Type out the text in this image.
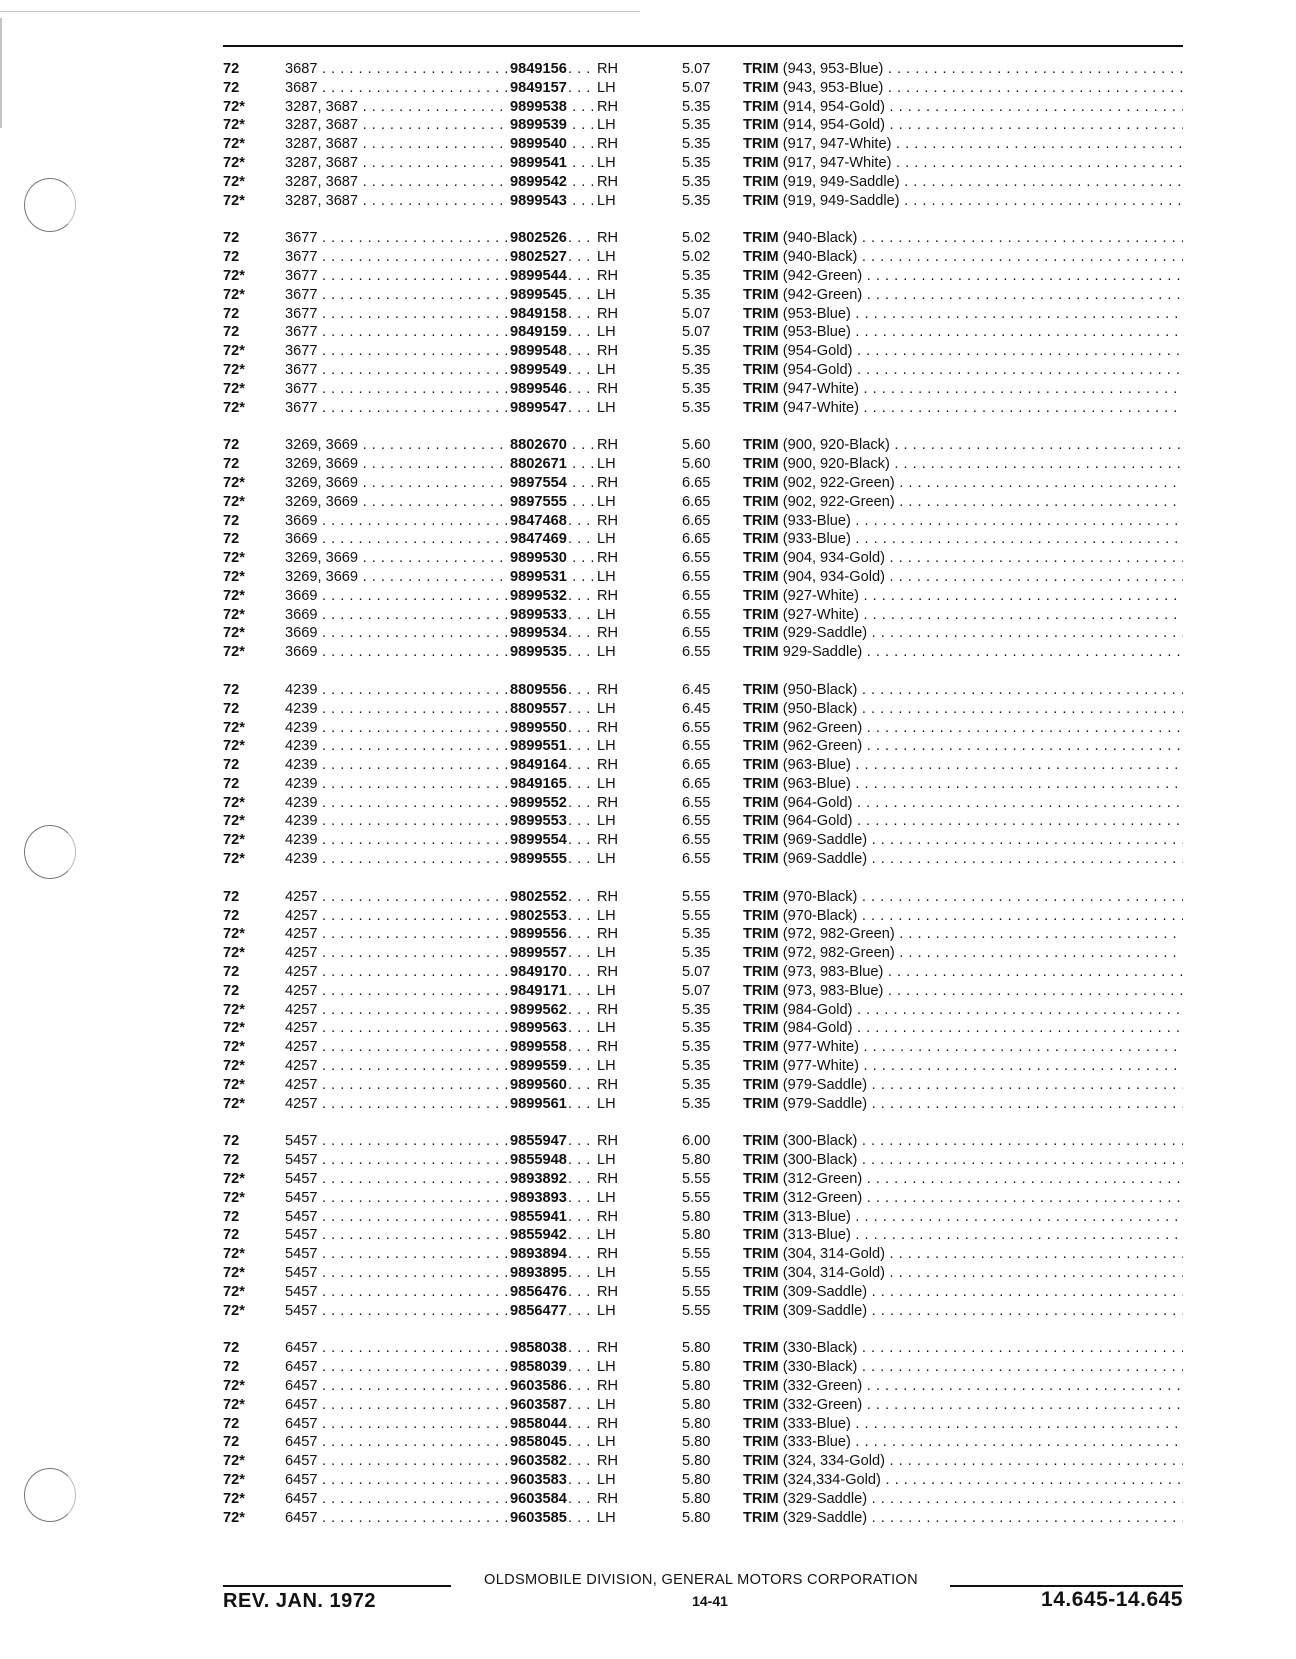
72	3687 . . .	9849156 RH	5.07 TRIM (943, 953-Blue) . . .
72	3687 . . .	9849157 LH	5.07 TRIM (943, 953-Blue) . . .
72*	3287, 3687 . . .	9899538 RH	5.35 TRIM (914, 954-Gold) . . .
72*	3287, 3687 . . .	9899539 LH	5.35 TRIM (914, 954-Gold) . . .
72*	3287, 3687 . . .	9899540 RH	5.35 TRIM (917, 947-White) . . .
72*	3287, 3687 . . .	9899541 LH	5.35 TRIM (917, 947-White) . . .
72*	3287, 3687 . . .	9899542 RH	5.35 TRIM (919, 949-Saddle) . . .
72*	3287, 3687 . . .	9899543 LH	5.35 TRIM (919, 949-Saddle) . . .
72	3677 . . .	9802526 RH	5.02 TRIM (940-Black) . . .
72	3677 . . .	9802527 LH	5.02 TRIM (940-Black) . . .
72*	3677 . . .	9899544 RH	5.35 TRIM (942-Green) . . .
72*	3677 . . .	9899545 LH	5.35 TRIM (942-Green) . . .
72	3677 . . .	9849158 RH	5.07 TRIM (953-Blue) . . .
72	3677 . . .	9849159 LH	5.07 TRIM (953-Blue) . . .
72*	3677 . . .	9899548 RH	5.35 TRIM (954-Gold) . . .
72*	3677 . . .	9899549 LH	5.35 TRIM (954-Gold) . . .
72*	3677 . . .	9899546 RH	5.35 TRIM (947-White) . . .
72*	3677 . . .	9899547 LH	5.35 TRIM (947-White) . . .
72	3269, 3669 . . .	8802670 RH	5.60 TRIM (900, 920-Black) . . .
72	3269, 3669 . . .	8802671 LH	5.60 TRIM (900, 920-Black) . . .
72*	3269, 3669 . . .	9897554 RH	6.65 TRIM (902, 922-Green) . . .
72*	3269, 3669 . . .	9897555 LH	6.65 TRIM (902, 922-Green) . . .
72	3669 . . .	9847468 RH	6.65 TRIM (933-Blue) . . .
72	3669 . . .	9847469 LH	6.65 TRIM (933-Blue) . . .
72*	3269, 3669 . . .	9899530 RH	6.55 TRIM (904, 934-Gold) . . .
72*	3269, 3669 . . .	9899531 LH	6.55 TRIM (904, 934-Gold) . . .
72*	3669 . . .	9899532 RH	6.55 TRIM (927-White) . . .
72*	3669 . . .	9899533 LH	6.55 TRIM (927-White) . . .
72*	3669 . . .	9899534 RH	6.55 TRIM (929-Saddle) . . .
72*	3669 . . .	9899535 LH	6.55 TRIM 929-Saddle) . . .
72	4239 . . .	8809556 RH	6.45 TRIM (950-Black) . . .
72	4239 . . .	8809557 LH	6.45 TRIM (950-Black) . . .
72*	4239 . . .	9899550 RH	6.55 TRIM (962-Green) . . .
72*	4239 . . .	9899551 LH	6.55 TRIM (962-Green) . . .
72	4239 . . .	9849164 RH	6.65 TRIM (963-Blue) . . .
72	4239 . . .	9849165 LH	6.65 TRIM (963-Blue) . . .
72*	4239 . . .	9899552 RH	6.55 TRIM (964-Gold) . . .
72*	4239 . . .	9899553 LH	6.55 TRIM (964-Gold) . . .
72*	4239 . . .	9899554 RH	6.55 TRIM (969-Saddle) . . .
72*	4239 . . .	9899555 LH	6.55 TRIM (969-Saddle) . . .
72	4257 . . .	9802552 RH	5.55 TRIM (970-Black) . . .
72	4257 . . .	9802553 LH	5.55 TRIM (970-Black) . . .
72*	4257 . . .	9899556 RH	5.35 TRIM (972, 982-Green) . . .
72*	4257 . . .	9899557 LH	5.35 TRIM (972, 982-Green) . . .
72	4257 . . .	9849170 RH	5.07 TRIM (973, 983-Blue) . . .
72	4257 . . .	9849171 LH	5.07 TRIM (973, 983-Blue) . . .
72*	4257 . . .	9899562 RH	5.35 TRIM (984-Gold) . . .
72*	4257 . . .	9899563 LH	5.35 TRIM (984-Gold) . . .
72*	4257 . . .	9899558 RH	5.35 TRIM (977-White) . . .
72*	4257 . . .	9899559 LH	5.35 TRIM (977-White) . . .
72*	4257 . . .	9899560 RH	5.35 TRIM (979-Saddle) . . .
72*	4257 . . .	9899561 LH	5.35 TRIM (979-Saddle) . . .
72	5457 . . .	9855947 RH	6.00 TRIM (300-Black) . . .
72	5457 . . .	9855948 LH	5.80 TRIM (300-Black) . . .
72*	5457 . . .	9893892 RH	5.55 TRIM (312-Green) . . .
72*	5457 . . .	9893893 LH	5.55 TRIM (312-Green) . . .
72	5457 . . .	9855941 RH	5.80 TRIM (313-Blue) . . .
72	5457 . . .	9855942 LH	5.80 TRIM (313-Blue) . . .
72*	5457 . . .	9893894 RH	5.55 TRIM (304, 314-Gold) . . .
72*	5457 . . .	9893895 LH	5.55 TRIM (304, 314-Gold) . . .
72*	5457 . . .	9856476 RH	5.55 TRIM (309-Saddle) . . .
72*	5457 . . .	9856477 LH	5.55 TRIM (309-Saddle) . . .
72	6457 . . .	9858038 RH	5.80 TRIM (330-Black) . . .
72	6457 . . .	9858039 LH	5.80 TRIM (330-Black) . . .
72*	6457 . . .	9603586 RH	5.80 TRIM (332-Green) . . .
72*	6457 . . .	9603587 LH	5.80 TRIM (332-Green) . . .
72	6457 . . .	9858044 RH	5.80 TRIM (333-Blue) . . .
72	6457 . . .	9858045 LH	5.80 TRIM (333-Blue) . . .
72*	6457 . . .	9603582 RH	5.80 TRIM (324, 334-Gold) . . .
72*	6457 . . .	9603583 LH	5.80 TRIM (324,334-Gold) . . .
72*	6457 . . .	9603584 RH	5.80 TRIM (329-Saddle) . . .
72*	6457 . . .	9603585 LH	5.80 TRIM (329-Saddle) . . .
OLDSMOBILE DIVISION, GENERAL MOTORS CORPORATION
REV. JAN. 1972	14-41	14.645-14.645
